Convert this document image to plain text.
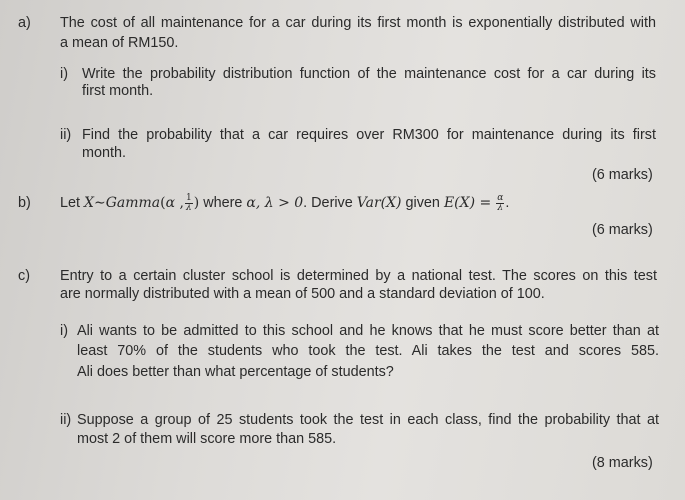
a) The cost of all maintenance for a car during its first month is exponentially distributed with
a mean of RM150.
i) Write the probability distribution function of the maintenance cost for a car during its
first month.
ii) Find the probability that a car requires over RM300 for maintenance during its first
month.
(6 marks)
b) Let X∼Gamma(α , $\frac{1}{\lambda}$ ) where α, λ > 0. Derive Var(X) given $E(X) = \frac{\alpha}{\lambda}$ .
(6 marks)
c) Entry to a certain cluster school is determined by a national test. The scores on this test
are normally distributed with a mean of 500 and a standard deviation of 100.
i) Ali wants to be admitted to this school and he knows that he must score better than at
least 70% of the students who took the test. Ali takes the test and scores 585.
Ali does better than what percentage of students?
ii) Suppose a group of 25 students took the test in each class, find the probability that at
most 2 of them will score more than 585.
(8 marks)
